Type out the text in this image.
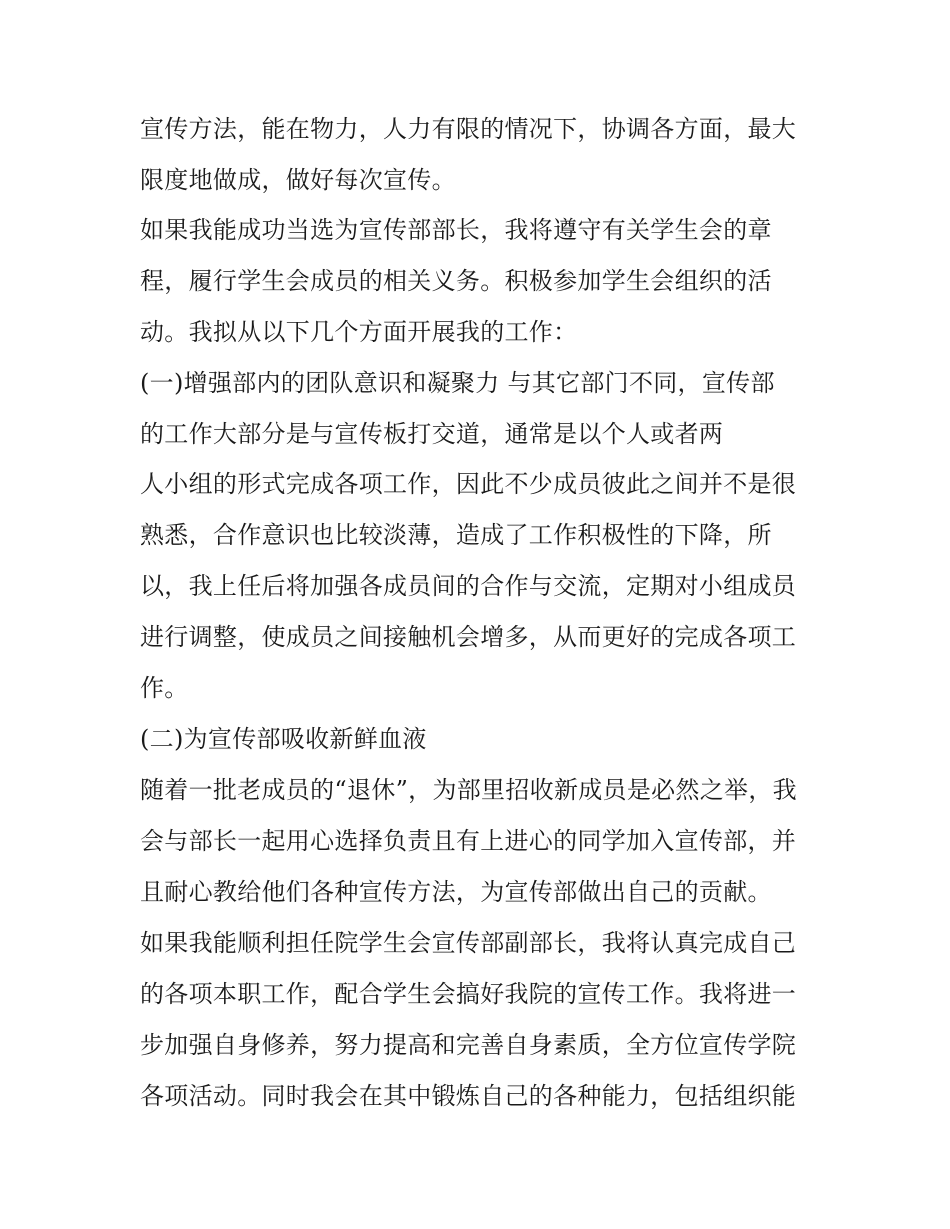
宣传方法，能在物力，人力有限的情况下，协调各方面，最大
限度地做成，做好每次宣传。
如果我能成功当选为宣传部部长，我将遵守有关学生会的章
程，履行学生会成员的相关义务。积极参加学生会组织的活
动。我拟从以下几个方面开展我的工作：
(一)增强部内的团队意识和凝聚力 与其它部门不同，宣传部
的工作大部分是与宣传板打交道，通常是以个人或者两
人小组的形式完成各项工作，因此不少成员彼此之间并不是很
熟悉，合作意识也比较淡薄，造成了工作积极性的下降，所
以，我上任后将加强各成员间的合作与交流，定期对小组成员
进行调整，使成员之间接触机会增多，从而更好的完成各项工
作。
(二)为宣传部吸收新鲜血液
随着一批老成员的“退休”，为部里招收新成员是必然之举，我
会与部长一起用心选择负责且有上进心的同学加入宣传部，并
且耐心教给他们各种宣传方法，为宣传部做出自己的贡献。
如果我能顺利担任院学生会宣传部副部长，我将认真完成自己
的各项本职工作，配合学生会搞好我院的宣传工作。我将进一
步加强自身修养，努力提高和完善自身素质，全方位宣传学院
各项活动。同时我会在其中锻炼自己的各种能力，包括组织能
